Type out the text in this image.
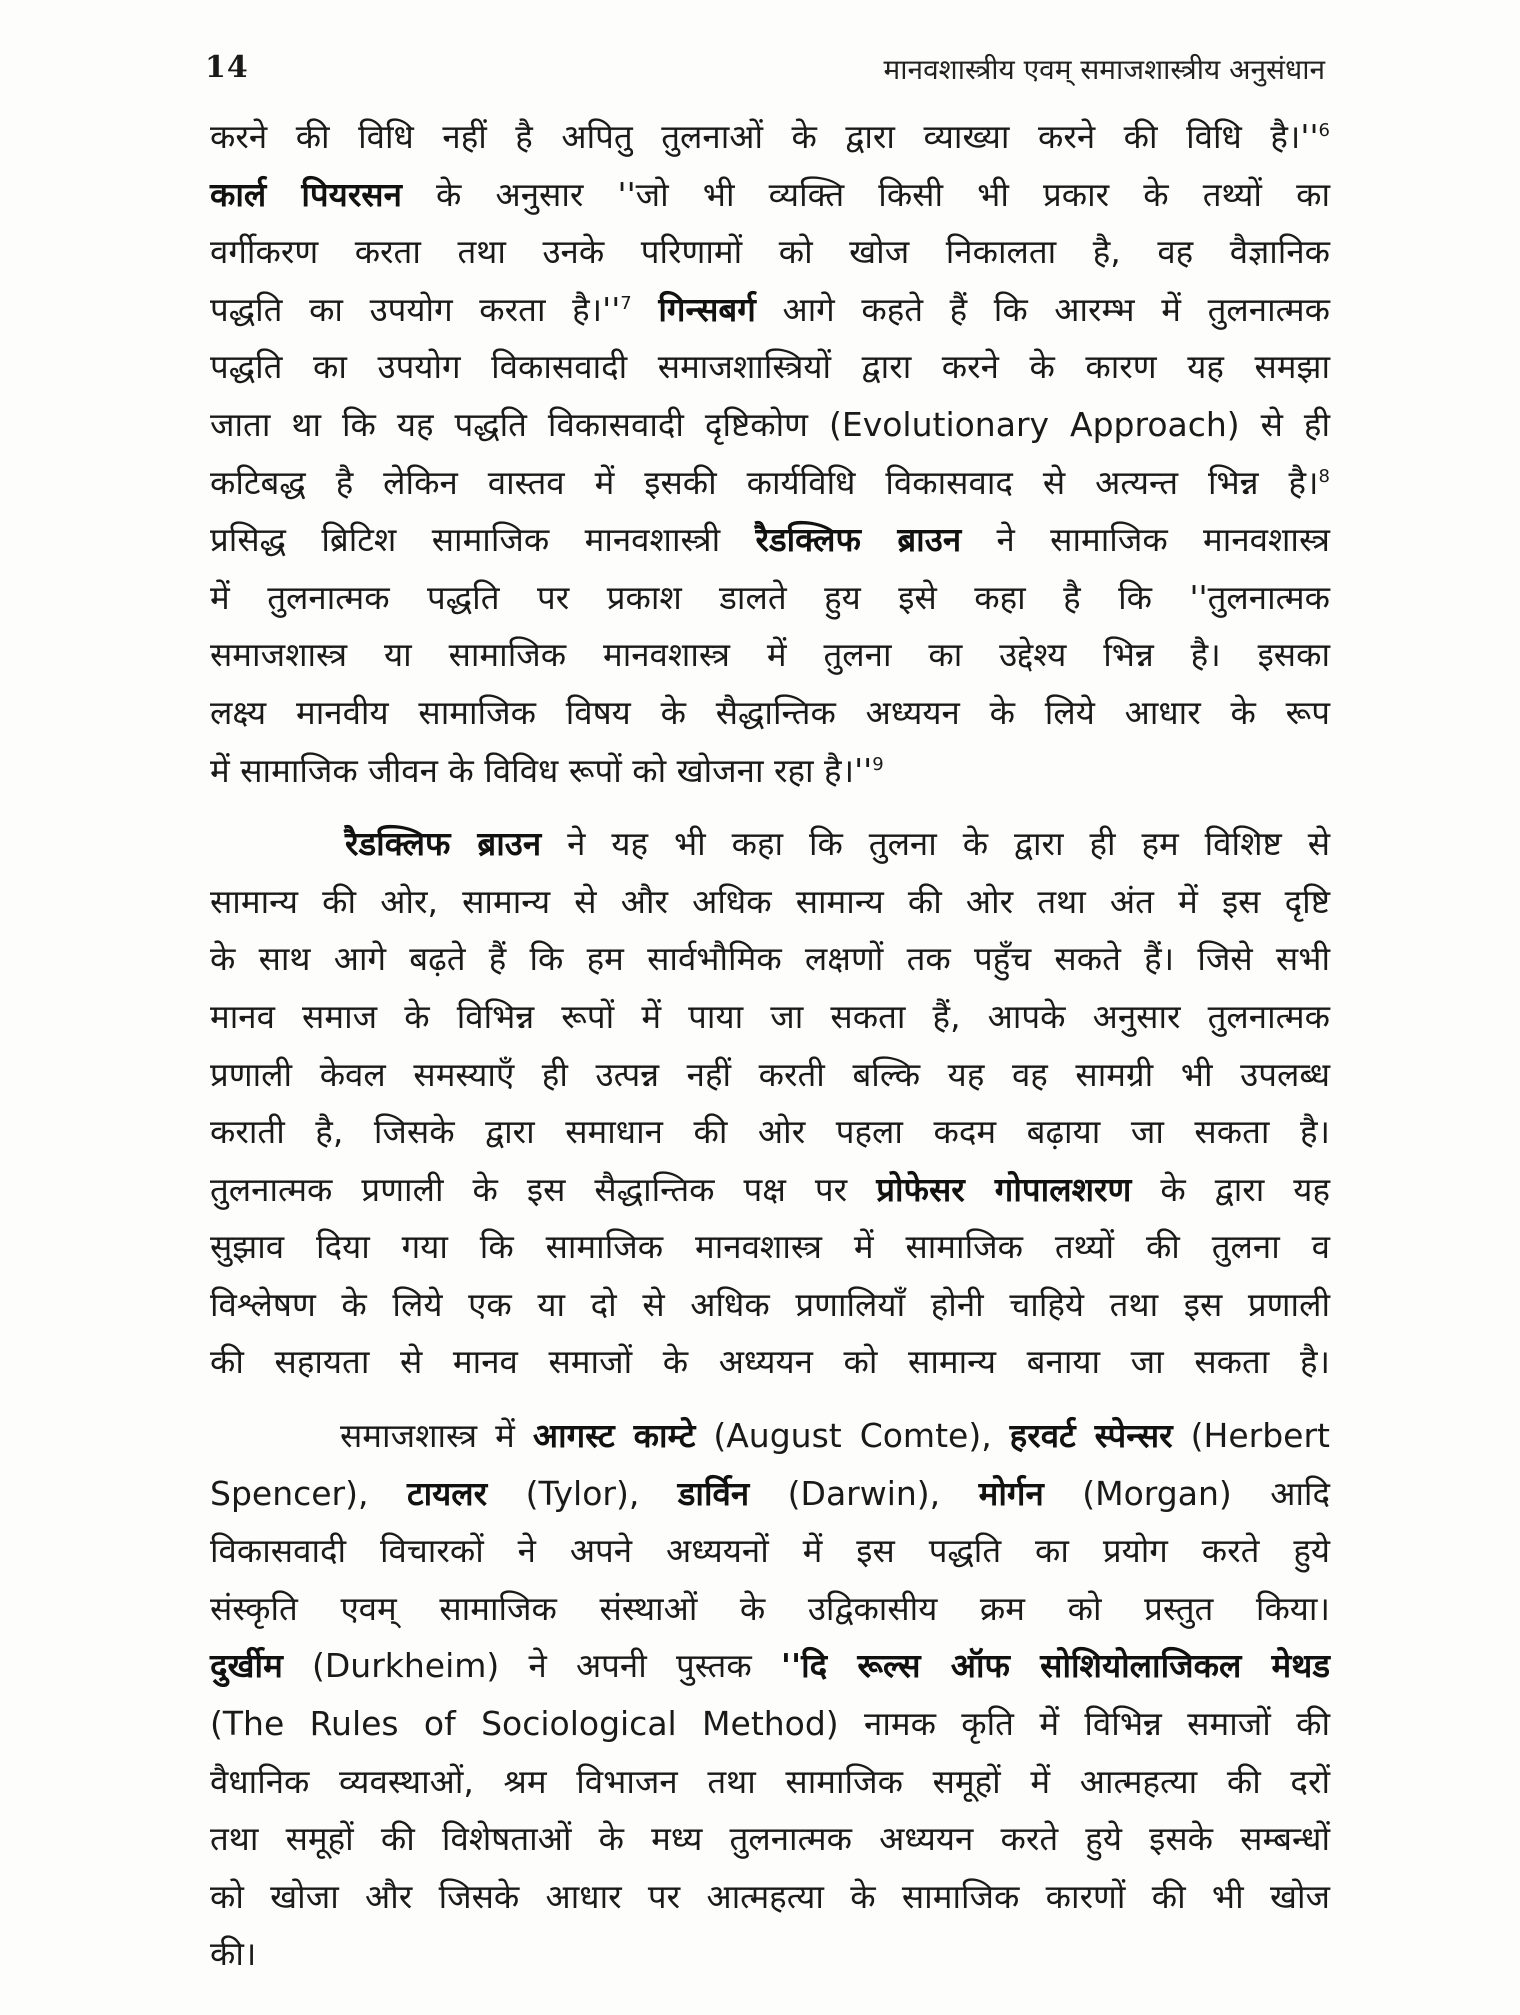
14	मानवशास्त्रीय एवम् समाजशास्त्रीय अनुसंधान
करने की विधि नहीं है अपितु तुलनाओं के द्वारा व्याख्या करने की विधि $है।''^6$
कार्ल पियरसन के अनुसार ''जो भी व्यक्ति किसी भी प्रकार के तथ्यों का
वर्गीकरण करता तथा उनके परिणामों को खोज निकालता है, वह वैज्ञानिक
पद्धति का उपयोग करता $है।''^7$ गिन्सबर्ग आगे कहते हैं कि आरम्भ में तुलनात्मक
पद्धति का उपयोग विकासवादी समाजशास्त्रियों द्वारा करने के कारण यह समझा
जाता था कि यह पद्धति विकासवादी दृष्टिकोण (Evolutionary Approach) से ही
कटिबद्ध है लेकिन वास्तव में इसकी कार्यविधि विकासवाद से अत्यन्त भिन्न है।$^8$
प्रसिद्ध ब्रिटिश सामाजिक मानवशास्त्री रैडक्लिफ ब्राउन ने सामाजिक मानवशास्त्र
में तुलनात्मक पद्धति पर प्रकाश डालते हुय इसे कहा है कि ''तुलनात्मक
समाजशास्त्र या सामाजिक मानवशास्त्र में तुलना का उद्देश्य भिन्न है। इसका
लक्ष्य मानवीय सामाजिक विषय के सैद्धान्तिक अध्ययन के लिये आधार के रूप
में सामाजिक जीवन के विविध रूपों को खोजना रहा $है।''^9$
रैडक्लिफ ब्राउन ने यह भी कहा कि तुलना के द्वारा ही हम विशिष्ट से
सामान्य की ओर, सामान्य से और अधिक सामान्य की ओर तथा अंत में इस दृष्टि
के साथ आगे बढ़ते हैं कि हम सार्वभौमिक लक्षणों तक पहुँच सकते हैं। जिसे सभी
मानव समाज के विभिन्न रूपों में पाया जा सकता हैं, आपके अनुसार तुलनात्मक
प्रणाली केवल समस्याएँ ही उत्पन्न नहीं करती बल्कि यह वह सामग्री भी उपलब्ध
कराती है, जिसके द्वारा समाधान की ओर पहला कदम बढ़ाया जा सकता है।
तुलनात्मक प्रणाली के इस सैद्धान्तिक पक्ष पर प्रोफेसर गोपालशरण के द्वारा यह
सुझाव दिया गया कि सामाजिक मानवशास्त्र में सामाजिक तथ्यों की तुलना व
विश्लेषण के लिये एक या दो से अधिक प्रणालियाँ होनी चाहिये तथा इस प्रणाली
की सहायता से मानव समाजों के अध्ययन को सामान्य बनाया जा सकता है।
समाजशास्त्र में आगस्ट काम्टे (August Comte), हरवर्ट स्पेन्सर (Herbert
Spencer), टायलर (Tylor), डार्विन (Darwin), मोर्गन (Morgan) आदि
विकासवादी विचारकों ने अपने अध्ययनों में इस पद्धति का प्रयोग करते हुये
संस्कृति एवम् सामाजिक संस्थाओं के उद्विकासीय क्रम को प्रस्तुत किया।
दुर्खीम (Durkheim) ने अपनी पुस्तक ''दि रूल्स ऑफ सोशियोलाजिकल मेथड
(The Rules of Sociological Method) नामक कृति में विभिन्न समाजों की
वैधानिक व्यवस्थाओं, श्रम विभाजन तथा सामाजिक समूहों में आत्महत्या की दरों
तथा समूहों की विशेषताओं के मध्य तुलनात्मक अध्ययन करते हुये इसके सम्बन्धों
को खोजा और जिसके आधार पर आत्महत्या के सामाजिक कारणों की भी खोज
की।
